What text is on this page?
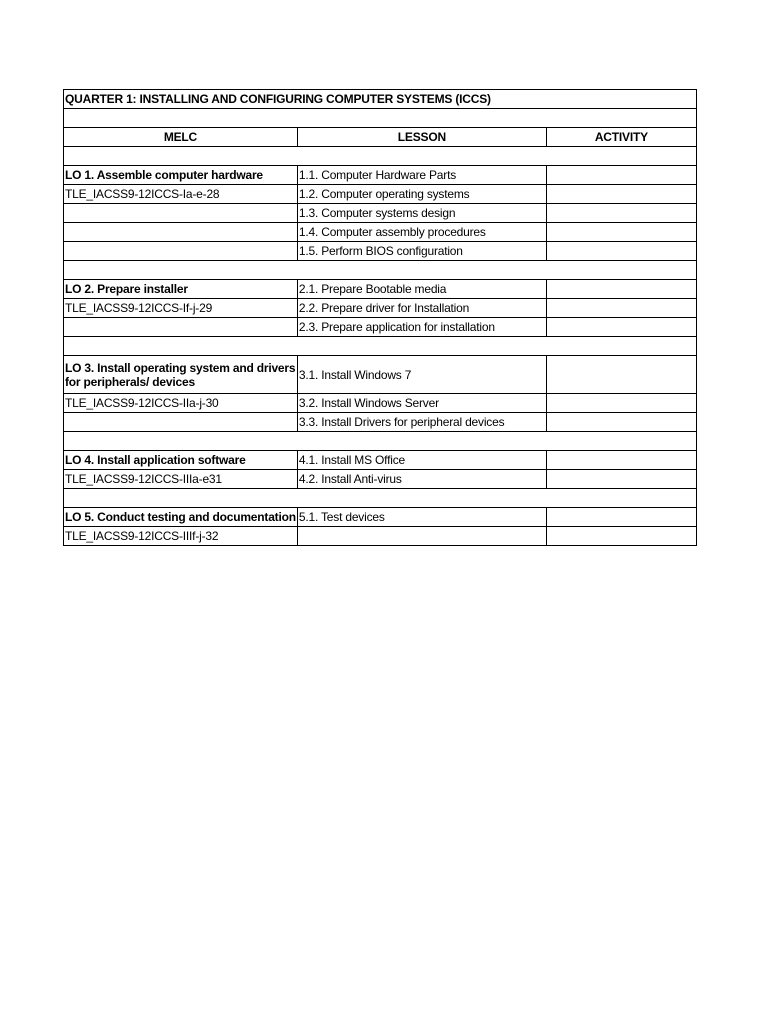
QUARTER 1: INSTALLING AND CONFIGURING COMPUTER SYSTEMS (ICCS)		

MELC	LESSON	ACTIVITY

LO 1. Assemble computer hardware	1.1. Computer Hardware Parts	
TLE_IACSS9-12ICCS-Ia-e-28	1.2. Computer operating systems	
	1.3. Computer systems design	
	1.4. Computer assembly procedures	
	1.5. Perform BIOS configuration	

LO 2. Prepare installer	2.1. Prepare Bootable media	
TLE_IACSS9-12ICCS-If-j-29	2.2. Prepare driver for Installation	
	2.3. Prepare application for installation	

LO 3. Install operating system and drivers for peripherals/ devices	3.1. Install Windows 7	
TLE_IACSS9-12ICCS-IIa-j-30	3.2. Install Windows Server	
	3.3. Install Drivers for peripheral devices	

LO 4. Install application software	4.1. Install MS Office	
TLE_IACSS9-12ICCS-IIIa-e31	4.2. Install Anti-virus	

LO 5. Conduct testing and documentation	5.1. Test devices	
TLE_IACSS9-12ICCS-IIIf-j-32		
